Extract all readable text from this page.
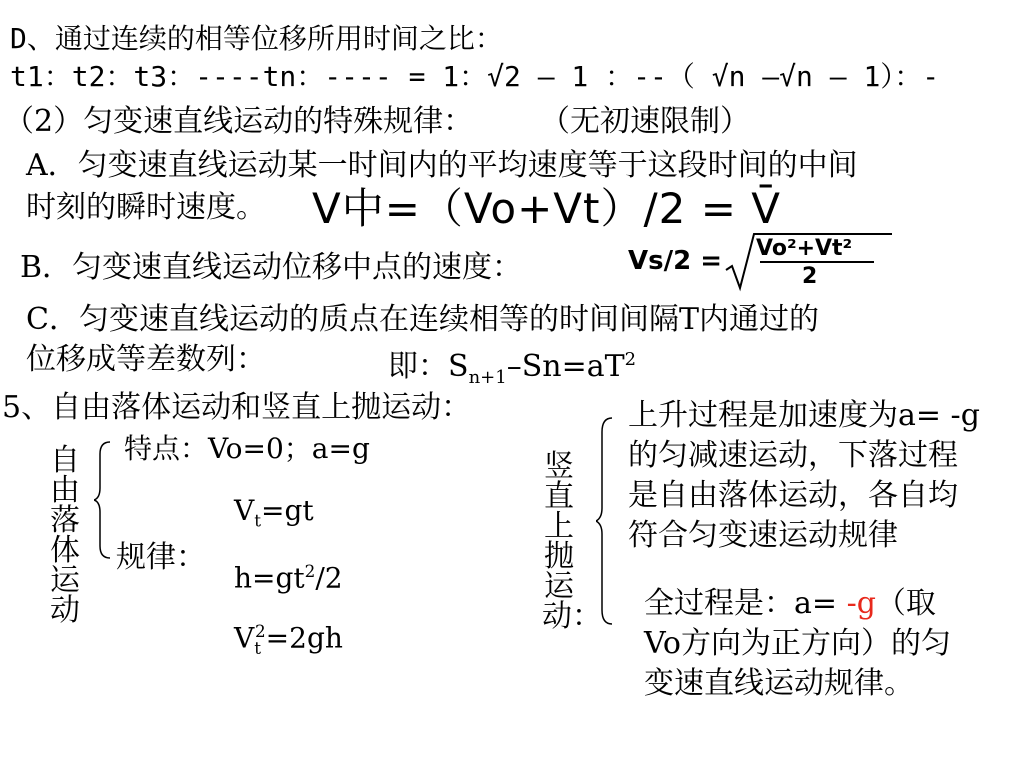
D、通过连续的相等位移所用时间之比：
t1：t2：t3：----tn：---- = 1：√2 – 1 ：--（ √n –√n – 1）：-
（2）匀变速直线运动的特殊规律： （无初速限制）
A．匀变速直线运动某一时间内的平均速度等于这段时间的中间
时刻的瞬时速度。 V中=（Vo+Vt）/2 = V̄
B．匀变速直线运动位移中点的速度：	Vs/2 = Vo²+Vt²
2
C．匀变速直线运动的质点在连续相等的时间间隔T内通过的
位移成等差数列：	即：$S_{n+1}-Sn=aT^2$
5、自由落体运动和竖直上抛运动：
自由落体运动
特点：Vo=0；a=g
规律：
$V_t=gt$
$h=gt^2/2$
$V_t^2=2gh$
竖直上抛运动：
上升过程是加速度为a= -g
的匀减速运动，下落过程
是自由落体运动，各自均
符合匀变速运动规律
全过程是：a= -g（取
Vo方向为正方向）的匀
变速直线运动规律。
